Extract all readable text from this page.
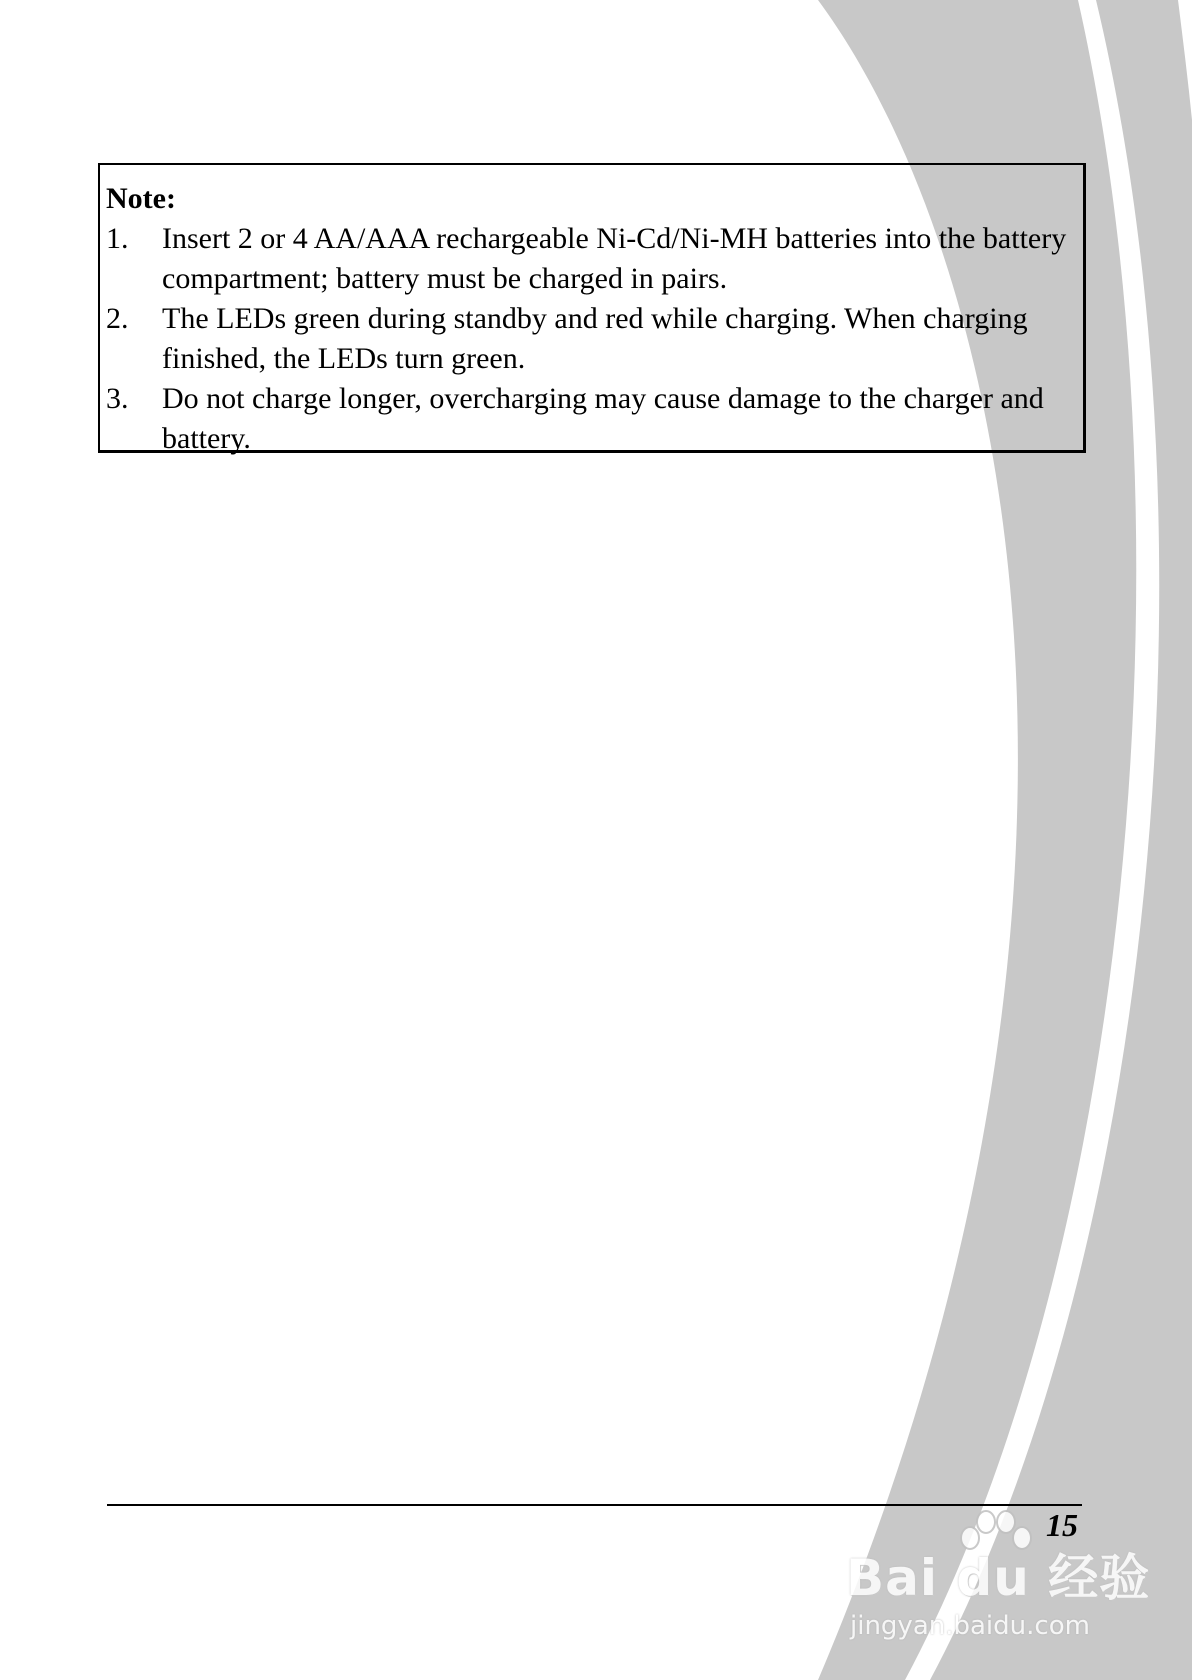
Note:

1.	Insert 2 or 4 AA/AAA rechargeable Ni-Cd/Ni-MH batteries into the battery compartment; battery must be charged in pairs.
2.	The LEDs green during standby and red while charging. When charging finished, the LEDs turn green.
3.	Do not charge longer, overcharging may cause damage to the charger and battery.
15
Bai du 经验
jingyan.baidu.com
